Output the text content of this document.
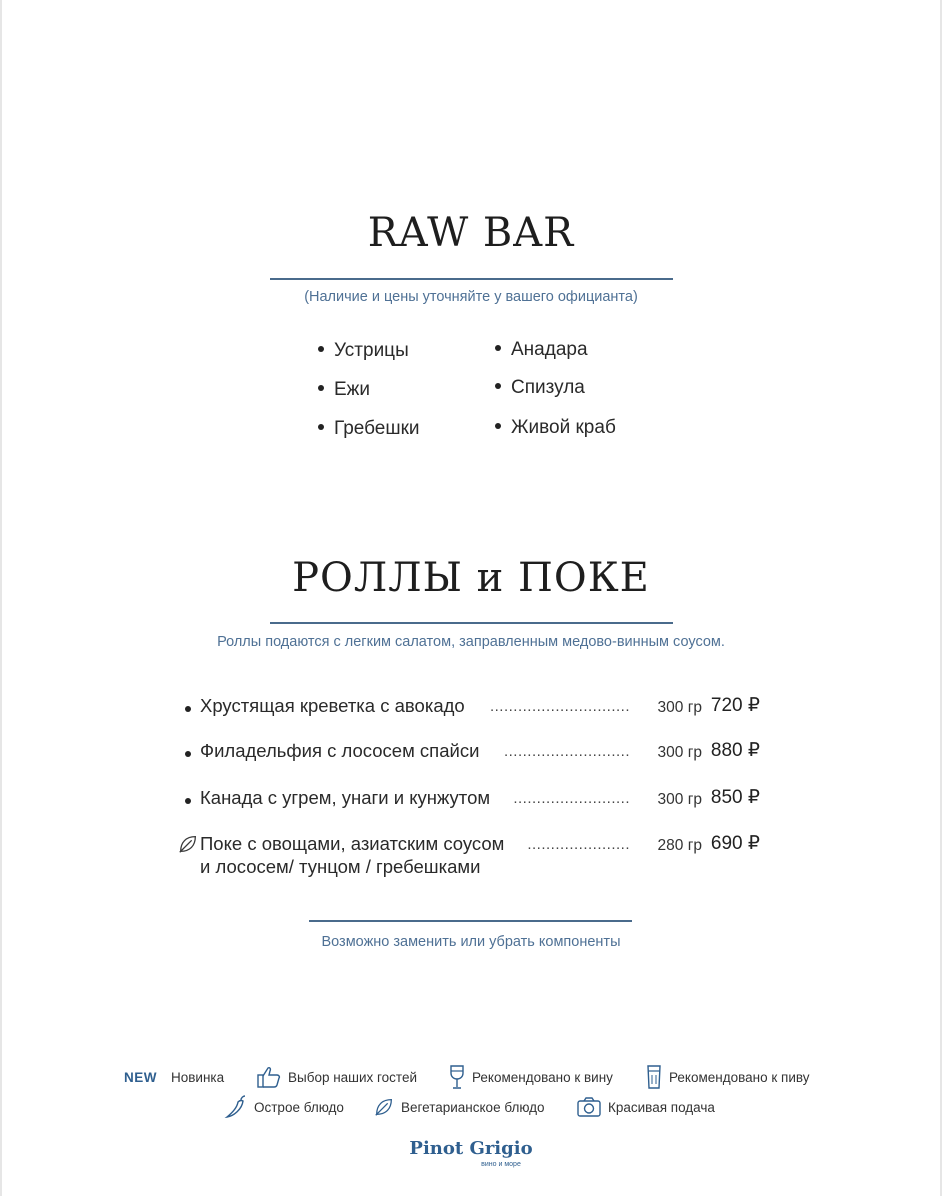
RAW BAR
(Наличие и цены уточняйте у вашего официанта)
Устрицы
Ежи
Гребешки
Анадара
Спизула
Живой краб
РОЛЛЫ и ПОКЕ
Роллы подаются с легким салатом, заправленным медово-винным соусом.
Хрустящая креветка с авокадо	..............................	300 гр 720 ₽
Филадельфия с лососем спайси	...........................	300 гр 880 ₽
Канада с угрем, унаги и кунжутом	.........................	300 гр 850 ₽
Поке с овощами, азиатским соусом
и лососем/ тунцом / гребешками
......................	280 гр 690 ₽
Возможно заменить или убрать компоненты
NEW Новинка	Выбор наших гостей	Рекомендовано к вину	Рекомендовано к пиву
Острое блюдо	Вегетарианское блюдо	Красивая подача
Pinot Grigio
вино и море
